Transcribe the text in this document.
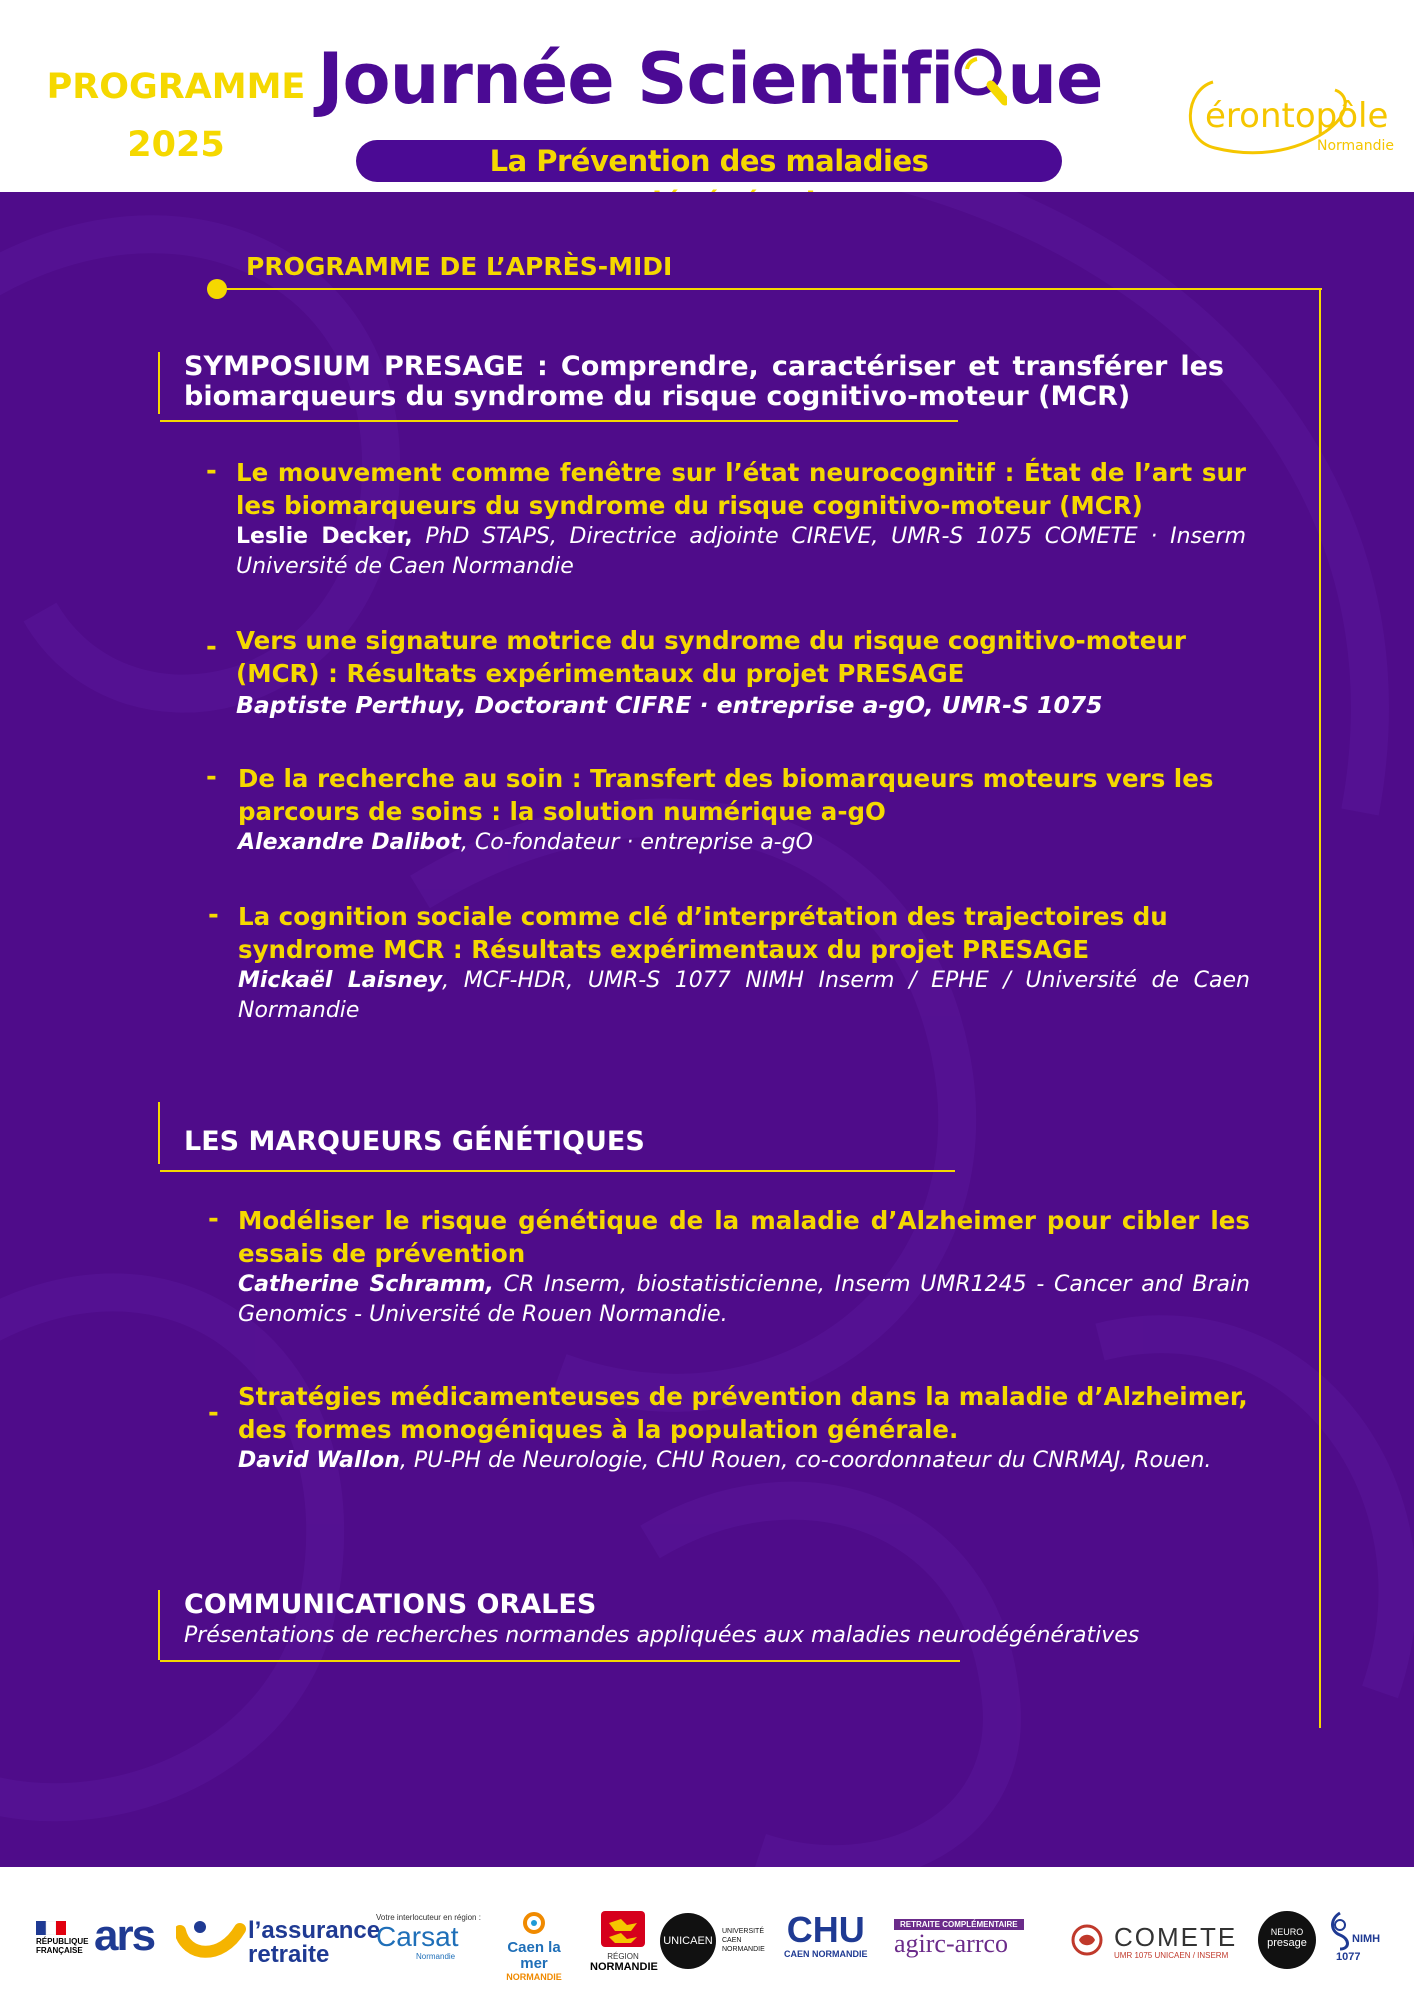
PROGRAMME
2025
Journée Scientifi ue
La Prévention des maladies
érontopôle
Normandie
PROGRAMME DE L’APRÈS-MIDI
SYMPOSIUM PRESAGE : Comprendre, caractériser et transférer les biomarqueurs du syndrome du risque cognitivo-moteur (MCR)
- Le mouvement comme fenêtre sur l’état neurocognitif : État de l’art sur les biomarqueurs du syndrome du risque cognitivo-moteur (MCR)
Leslie Decker, PhD STAPS, Directrice adjointe CIREVE, UMR-S 1075 COMETE · Inserm Université de Caen Normandie
- Vers une signature motrice du syndrome du risque cognitivo-moteur (MCR) : Résultats expérimentaux du projet PRESAGE
Baptiste Perthuy, Doctorant CIFRE · entreprise a-gO, UMR-S 1075
- De la recherche au soin : Transfert des biomarqueurs moteurs vers les parcours de soins : la solution numérique a-gO
Alexandre Dalibot, Co-fondateur · entreprise a-gO
- La cognition sociale comme clé d’interprétation des trajectoires du syndrome MCR : Résultats expérimentaux du projet PRESAGE
Mickaël Laisney, MCF-HDR, UMR-S 1077 NIMH Inserm / EPHE / Université de Caen Normandie
LES MARQUEURS GÉNÉTIQUES
- Modéliser le risque génétique de la maladie d’Alzheimer pour cibler les essais de prévention
Catherine Schramm, CR Inserm, biostatisticienne, Inserm UMR1245 - Cancer and Brain Genomics - Université de Rouen Normandie.
-
Stratégies médicamenteuses de prévention dans la maladie d’Alzheimer, des formes monogéniques à la population générale.
David Wallon, PU-PH de Neurologie, CHU Rouen, co-coordonnateur du CNRMAJ, Rouen.
COMMUNICATIONS ORALES
Présentations de recherches normandes appliquées aux maladies neurodégénératives
RÉPUBLIQUE FRANÇAISE ars	l’assurance
retraite
Votre interlocuteur en région :
Carsat
Normandie
Caen la mer
NORMANDIE
RÉGION
NORMANDIE
UNICAEN
UNIVERSITÉ CAEN NORMANDIE CHU
CAEN NORMANDIE
RETRAITE COMPLÉMENTAIRE
agirc-arrco	COMETE
UMR 1075 UNICAEN / INSERM
NEURO
presage	NIMH
1077
